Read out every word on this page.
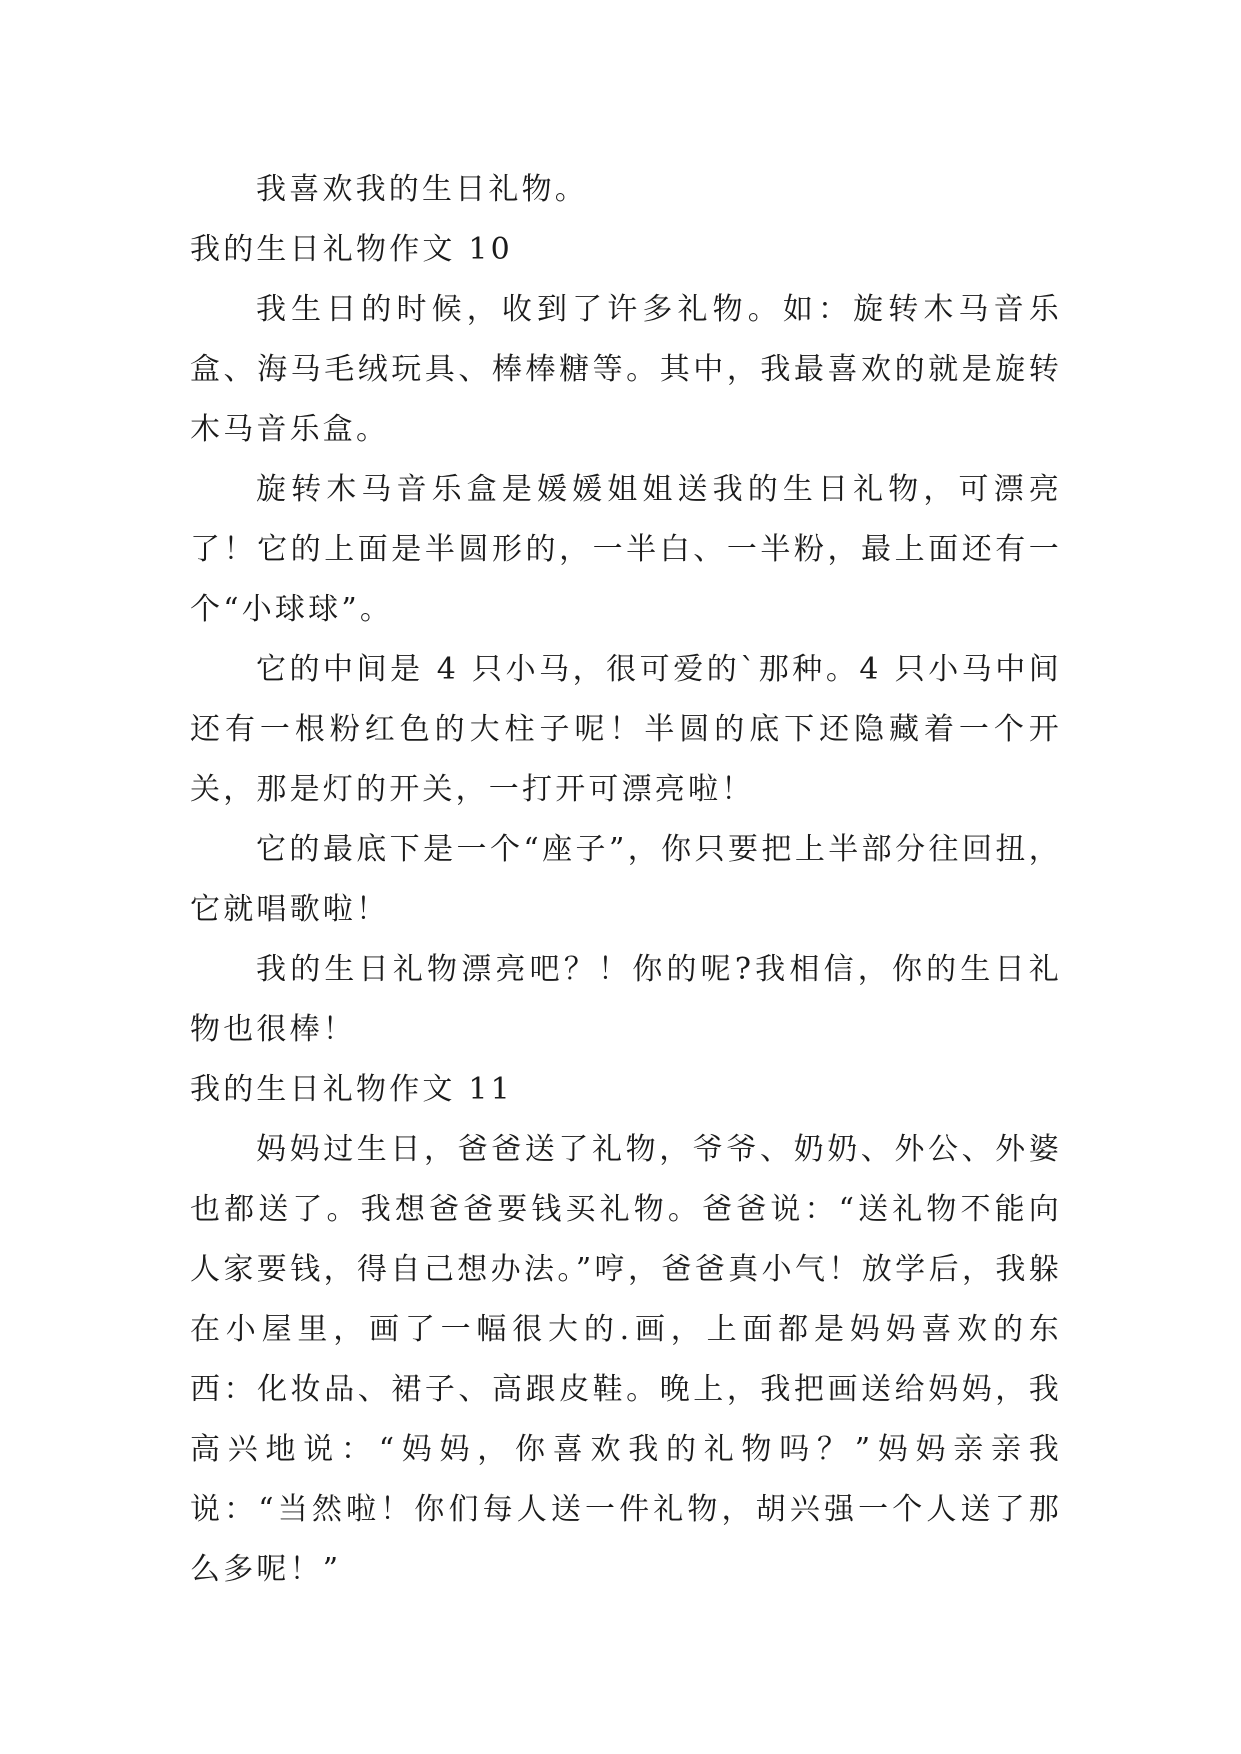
我喜欢我的生日礼物。

我的生日礼物作文 10

我生日的时候，收到了许多礼物。如：旋转木马音乐盒、海马毛绒玩具、棒棒糖等。其中，我最喜欢的就是旋转木马音乐盒。

旋转木马音乐盒是媛媛姐姐送我的生日礼物，可漂亮了！它的上面是半圆形的，一半白、一半粉，最上面还有一个“小球球”。

它的中间是 4 只小马，很可爱的`那种。4 只小马中间还有一根粉红色的大柱子呢！半圆的底下还隐藏着一个开关，那是灯的开关，一打开可漂亮啦！

它的最底下是一个“座子”，你只要把上半部分往回扭，它就唱歌啦！

我的生日礼物漂亮吧？！你的呢?我相信，你的生日礼物也很棒！

我的生日礼物作文 11

妈妈过生日，爸爸送了礼物，爷爷、奶奶、外公、外婆也都送了。我想爸爸要钱买礼物。爸爸说：“送礼物不能向人家要钱，得自己想办法。”哼，爸爸真小气！放学后，我躲在小屋里，画了一幅很大的.画，上面都是妈妈喜欢的东西：化妆品、裙子、高跟皮鞋。晚上，我把画送给妈妈，我高兴地说：“妈妈，你喜欢我的礼物吗？”妈妈亲亲我说：“当然啦！你们每人送一件礼物，胡兴强一个人送了那么多呢！”
